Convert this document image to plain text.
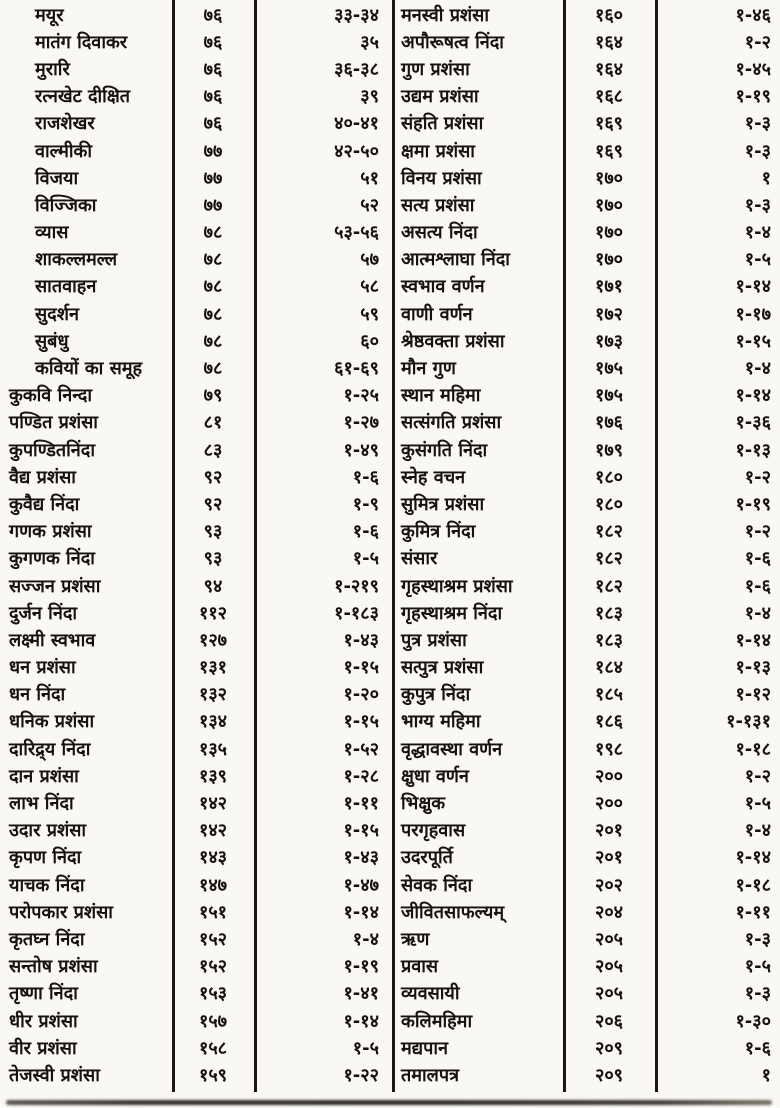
मयूर	७६	३३-३४	मनस्वी प्रशंसा	१६०	१-४६
मातंग दिवाकर	७६	३५	अपौरूषत्व निंदा	१६४	१-२
मुरारि	७६	३६-३८	गुण प्रशंसा	१६४	१-४५
रत्नखेट दीक्षित	७६	३९	उद्यम प्रशंसा	१६८	१-१९
राजशेखर	७६	४०-४१	संहति प्रशंसा	१६९	१-३
वाल्मीकी	७७	४२-५०	क्षमा प्रशंसा	१६९	१-३
विजया	७७	५१	विनय प्रशंसा	१७०	१
विज्जिका	७७	५२	सत्य प्रशंसा	१७०	१-३
व्यास	७८	५३-५६	असत्य निंदा	१७०	१-४
शाकल्लमल्ल	७८	५७	आत्मश्लाघा निंदा	१७०	१-५
सातवाहन	७८	५८	स्वभाव वर्णन	१७१	१-१४
सुदर्शन	७८	५९	वाणी वर्णन	१७२	१-१७
सुबंधु	७८	६०	श्रेष्ठवक्ता प्रशंसा	१७३	१-१५
कवियों का समूह	७८	६१-६९	मौन गुण	१७५	१-४
कुकवि निन्दा	७९	१-२५	स्थान महिमा	१७५	१-१४
पण्डित प्रशंसा	८१	१-२७	सत्संगति प्रशंसा	१७६	१-३६
कुपण्डितनिंदा	८३	१-४९	कुसंगति निंदा	१७९	१-१३
वैद्य प्रशंसा	९२	१-६	स्नेह वचन	१८०	१-२
कुवैद्य निंदा	९२	१-९	सुमित्र प्रशंसा	१८०	१-१९
गणक प्रशंसा	९३	१-६	कुमित्र निंदा	१८२	१-२
कुगणक निंदा	९३	१-५	संसार	१८२	१-६
सज्जन प्रशंसा	९४	१-२१९	गृहस्थाश्रम प्रशंसा	१८२	१-६
दुर्जन निंदा	११२	१-१८३	गृहस्थाश्रम निंदा	१८३	१-४
लक्ष्मी स्वभाव	१२७	१-४३	पुत्र प्रशंसा	१८३	१-१४
धन प्रशंसा	१३१	१-१५	सत्पुत्र प्रशंसा	१८४	१-१३
धन निंदा	१३२	१-२०	कुपुत्र निंदा	१८५	१-१२
धनिक प्रशंसा	१३४	१-१५	भाग्य महिमा	१८६	१-१३१
दारिद्र्य निंदा	१३५	१-५२	वृद्धावस्था वर्णन	१९८	१-१८
दान प्रशंसा	१३९	१-२८	क्षुधा वर्णन	२००	१-२
लाभ निंदा	१४२	१-११	भिक्षुक	२००	१-५
उदार प्रशंसा	१४२	१-१५	परगृहवास	२०१	१-४
कृपण निंदा	१४३	१-४३	उदरपूर्ति	२०१	१-१४
याचक निंदा	१४७	१-४७	सेवक निंदा	२०२	१-१८
परोपकार प्रशंसा	१५१	१-१४	जीवितसाफल्यम्	२०४	१-११
कृतघ्न निंदा	१५२	१-४	ऋण	२०५	१-३
सन्तोष प्रशंसा	१५२	१-१९	प्रवास	२०५	१-५
तृष्णा निंदा	१५३	१-४१	व्यवसायी	२०५	१-३
धीर प्रशंसा	१५७	१-१४	कलिमहिमा	२०६	१-३०
वीर प्रशंसा	१५८	१-५	मद्यपान	२०९	१-६
तेजस्वी प्रशंसा	१५९	१-२२	तमालपत्र	२०९	१
